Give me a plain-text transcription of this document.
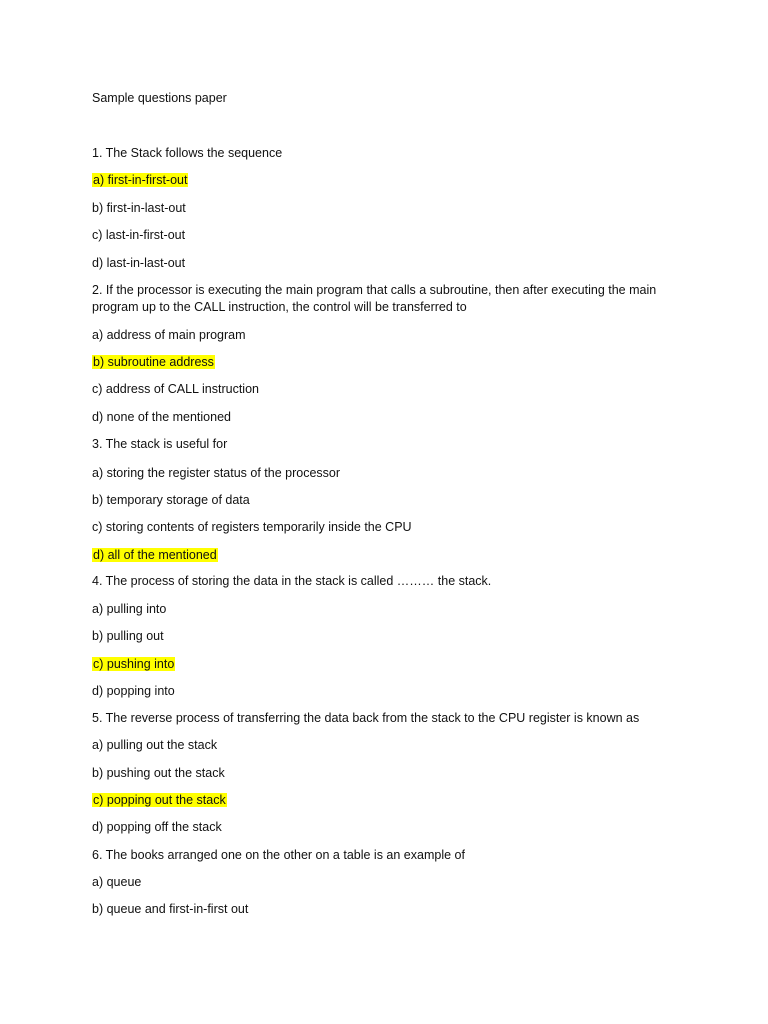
Sample questions paper

1. The Stack follows the sequence

a) first-in-first-out

b) first-in-last-out

c) last-in-first-out

d) last-in-last-out

2. If the processor is executing the main program that calls a subroutine, then after executing the main program up to the CALL instruction, the control will be transferred to

a) address of main program

b) subroutine address

c) address of CALL instruction

d) none of the mentioned

3. The stack is useful for

a) storing the register status of the processor

b) temporary storage of data

c) storing contents of registers temporarily inside the CPU

d) all of the mentioned

4. The process of storing the data in the stack is called ……… the stack.

a) pulling into

b) pulling out

c) pushing into

d) popping into

5. The reverse process of transferring the data back from the stack to the CPU register is known as

a) pulling out the stack

b) pushing out the stack

c) popping out the stack

d) popping off the stack

6. The books arranged one on the other on a table is an example of

a) queue

b) queue and first-in-first out
